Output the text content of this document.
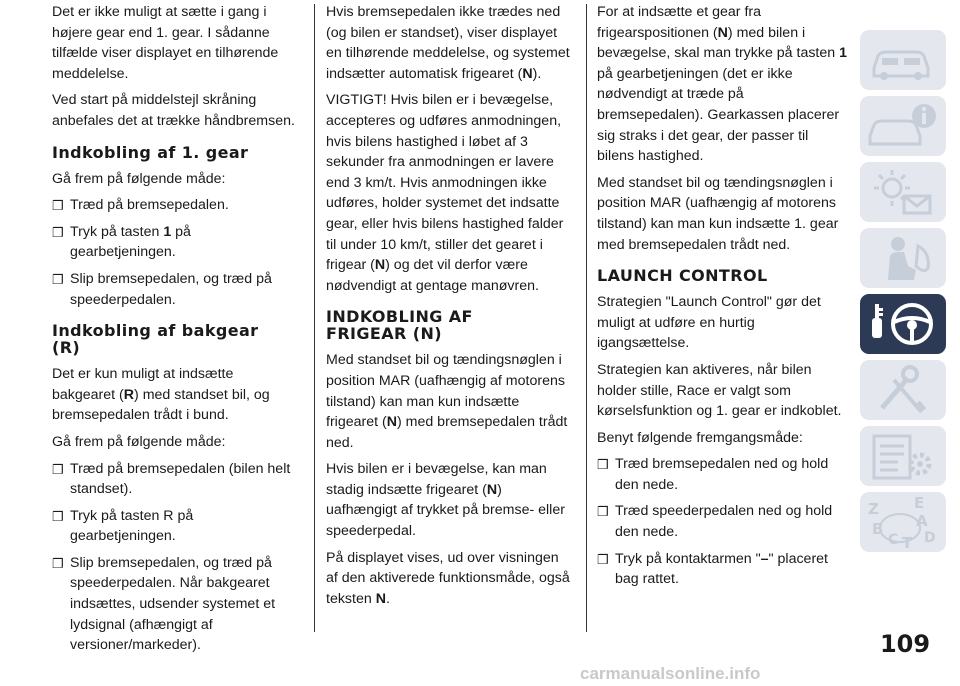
Det er ikke muligt at sætte i gang i højere gear end 1. gear. I sådanne tilfælde viser displayet en tilhørende meddelelse.

Ved start på middelstejl skråning anbefales det at trække håndbremsen.

Indkobling af 1. gear

Gå frem på følgende måde:

❒ Træd på bremsepedalen.
❒ Tryk på tasten 1 på gearbetjeningen.
❒ Slip bremsepedalen, og træd på speederpedalen.
Indkobling af bakgear
(R)

Det er kun muligt at indsætte bakgearet (R) med standset bil, og bremsepedalen trådt i bund.

Gå frem på følgende måde:

❒ Træd på bremsepedalen (bilen helt standset).
❒ Tryk på tasten R på gearbetjeningen.
❒ Slip bremsepedalen, og træd på speederpedalen. Når bakgearet indsættes, udsender systemet et lydsignal (afhængigt af versioner/markeder).

Hvis bremsepedalen ikke trædes ned (og bilen er standset), viser displayet en tilhørende meddelelse, og systemet indsætter automatisk frigearet (N).

VIGTIGT! Hvis bilen er i bevægelse, accepteres og udføres anmodningen, hvis bilens hastighed i løbet af 3 sekunder fra anmodningen er lavere end 3 km/t. Hvis anmodningen ikke udføres, holder systemet det indsatte gear, eller hvis bilens hastighed falder til under 10 km/t, stiller det gearet i frigear (N) og det vil derfor være nødvendigt at gentage manøvren.

INDKOBLING AF
FRIGEAR (N)

Med standset bil og tændingsnøglen i position MAR (uafhængig af motorens tilstand) kan man kun indsætte frigearet (N) med bremsepedalen trådt ned.

Hvis bilen er i bevægelse, kan man stadig indsætte frigearet (N) uafhængigt af trykket på bremse- eller speederpedal.

På displayet vises, ud over visningen af den aktiverede funktionsmåde, også teksten N.

For at indsætte et gear fra frigearspositionen (N) med bilen i bevægelse, skal man trykke på tasten 1 på gearbetjeningen (det er ikke nødvendigt at træde på bremsepedalen). Gearkassen placerer sig straks i det gear, der passer til bilens hastighed.

Med standset bil og tændingsnøglen i position MAR (uafhængig af motorens tilstand) kan man kun indsætte 1. gear med bremsepedalen trådt ned.

LAUNCH CONTROL

Strategien "Launch Control" gør det muligt at udføre en hurtig igangsættelse.

Strategien kan aktiveres, når bilen holder stille, Race er valgt som kørselsfunktion og 1. gear er indkoblet.

Benyt følgende fremgangsmåde:

❒ Træd bremsepedalen ned og hold den nede.
❒ Træd speederpedalen ned og hold den nede.
❒ Tryk på kontaktarmen "–" placeret bag rattet.
Z E
A
B
C T D
109
carmanualsonline.info
